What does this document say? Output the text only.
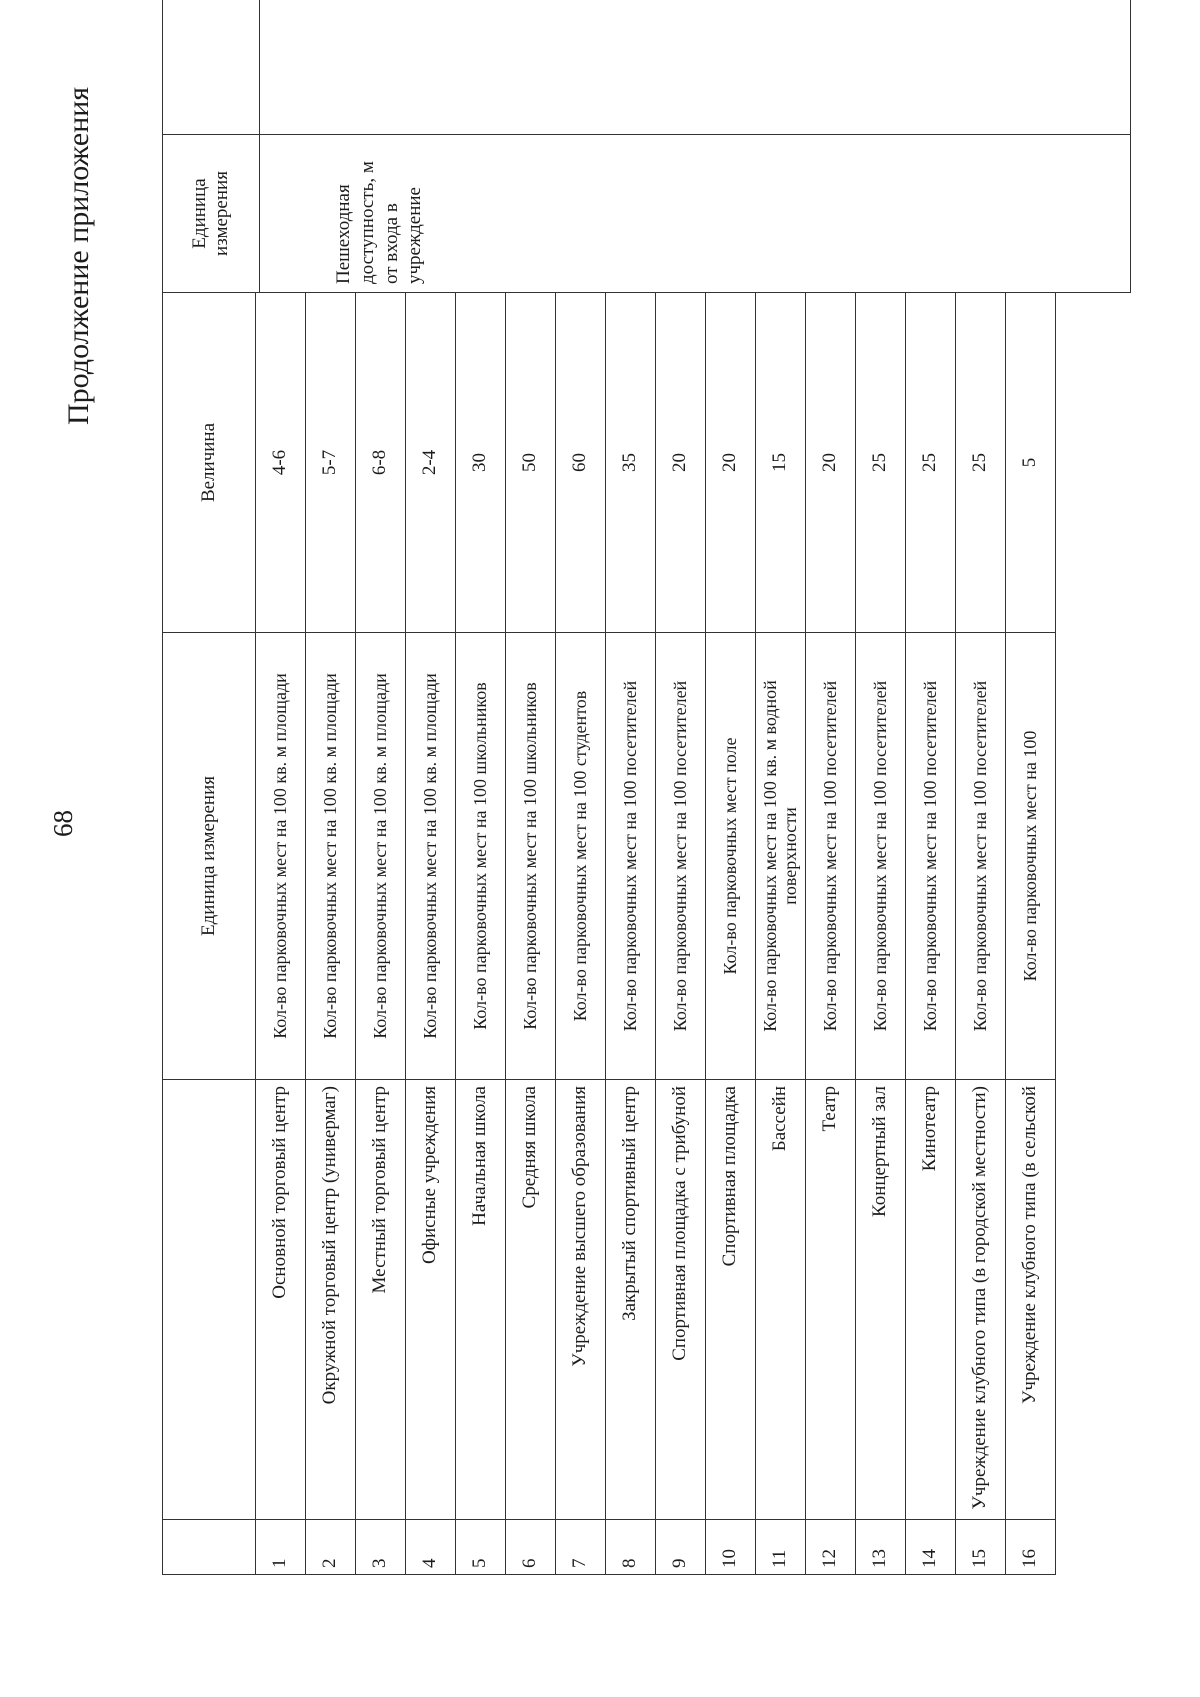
68
Продолжение приложения
		Единица измерения	Величина
1	Основной торговый центр	Кол-во парковочных мест на 100 кв. м площади	4-6
2	Окружной торговый центр (универмаг)	Кол-во парковочных мест на 100 кв. м площади	5-7
3	Местный торговый центр	Кол-во парковочных мест на 100 кв. м площади	6-8
4	Офисные учреждения	Кол-во парковочных мест на 100 кв. м площади	2-4
5	Начальная школа	Кол-во парковочных мест на 100 школьников	30
6	Средняя школа	Кол-во парковочных мест на 100 школьников	50
7	Учреждение высшего образования	Кол-во парковочных мест на 100 студентов	60
8	Закрытый спортивный центр	Кол-во парковочных мест на 100 посетителей	35
9	Спортивная площадка с трибуной	Кол-во парковочных мест на 100 посетителей	20
10	Спортивная площадка	Кол-во парковочных мест поле	20
11	Бассейн	Кол-во парковочных мест на 100 кв. м водной поверхности	15
12	Театр	Кол-во парковочных мест на 100 посетителей	20
13	Концертный зал	Кол-во парковочных мест на 100 посетителей	25
14	Кинотеатр	Кол-во парковочных мест на 100 посетителей	25
15	Учреждение клубного типа (в городской местности)	Кол-во парковочных мест на 100 посетителей	25
16	Учреждение клубного типа (в сельской	Кол-во парковочных мест на 100	5
Единица измерения	
Пешеходная доступность, м от входа в учреждение	
